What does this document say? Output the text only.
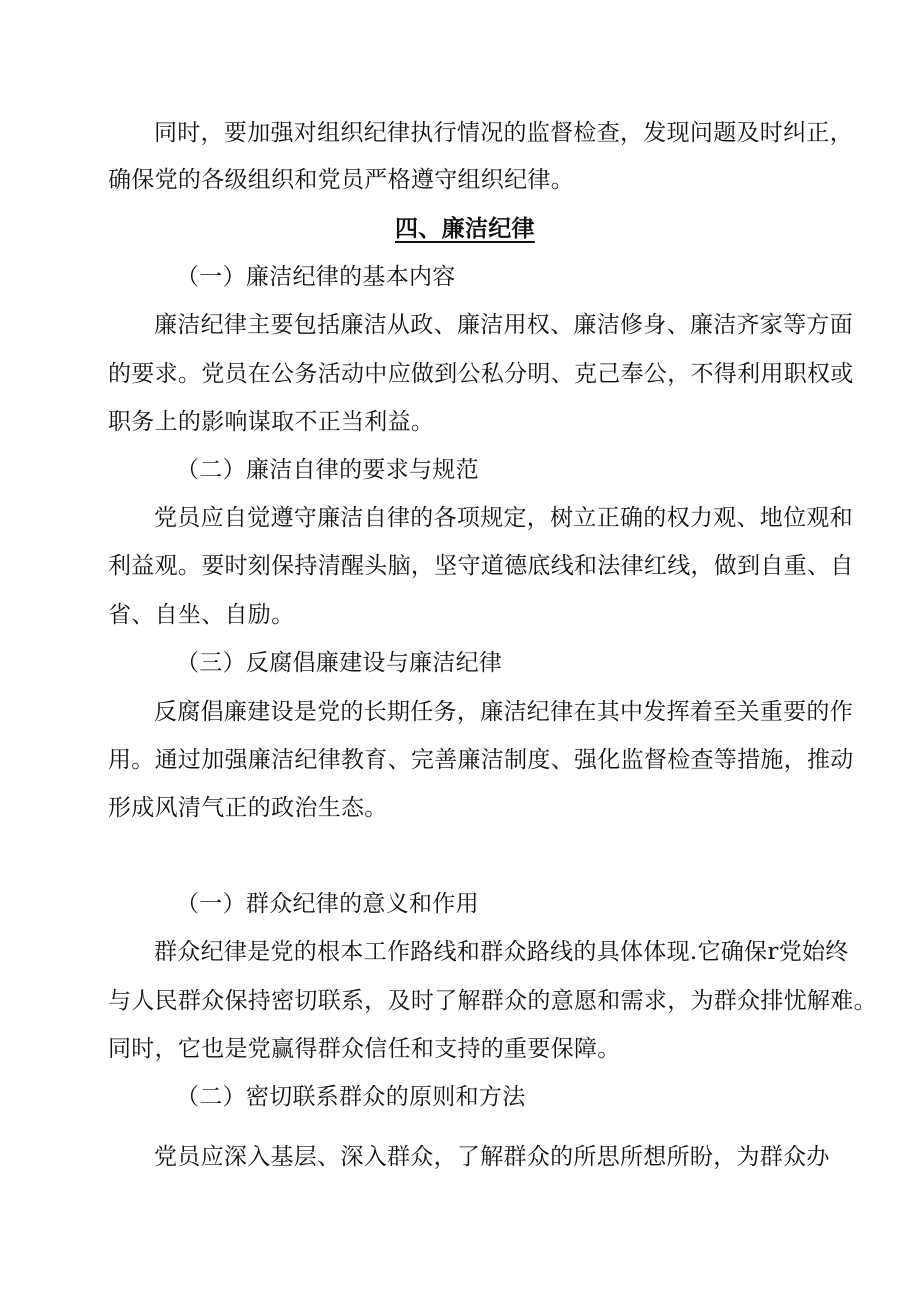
同时，要加强对组织纪律执行情况的监督检查，发现问题及时纠正，
确保党的各级组织和党员严格遵守组织纪律。
四、廉洁纪律
（一）廉洁纪律的基本内容
廉洁纪律主要包括廉洁从政、廉洁用权、廉洁修身、廉洁齐家等方面
的要求。党员在公务活动中应做到公私分明、克己奉公，不得利用职权或
职务上的影响谋取不正当利益。
（二）廉洁自律的要求与规范
党员应自觉遵守廉洁自律的各项规定，树立正确的权力观、地位观和
利益观。要时刻保持清醒头脑，坚守道德底线和法律红线，做到自重、自
省、自坐、自励。
（三）反腐倡廉建设与廉洁纪律
反腐倡廉建设是党的长期任务，廉洁纪律在其中发挥着至关重要的作
用。通过加强廉洁纪律教育、完善廉洁制度、强化监督检查等措施，推动
形成风清气正的政治生态。
（一）群众纪律的意义和作用
群众纪律是党的根本工作路线和群众路线的具体体现.它确保r党始终
与人民群众保持密切联系，及时了解群众的意愿和需求，为群众排忧解难。
同时，它也是党赢得群众信任和支持的重要保障。
（二）密切联系群众的原则和方法
党员应深入基层、深入群众，了解群众的所思所想所盼，为群众办
